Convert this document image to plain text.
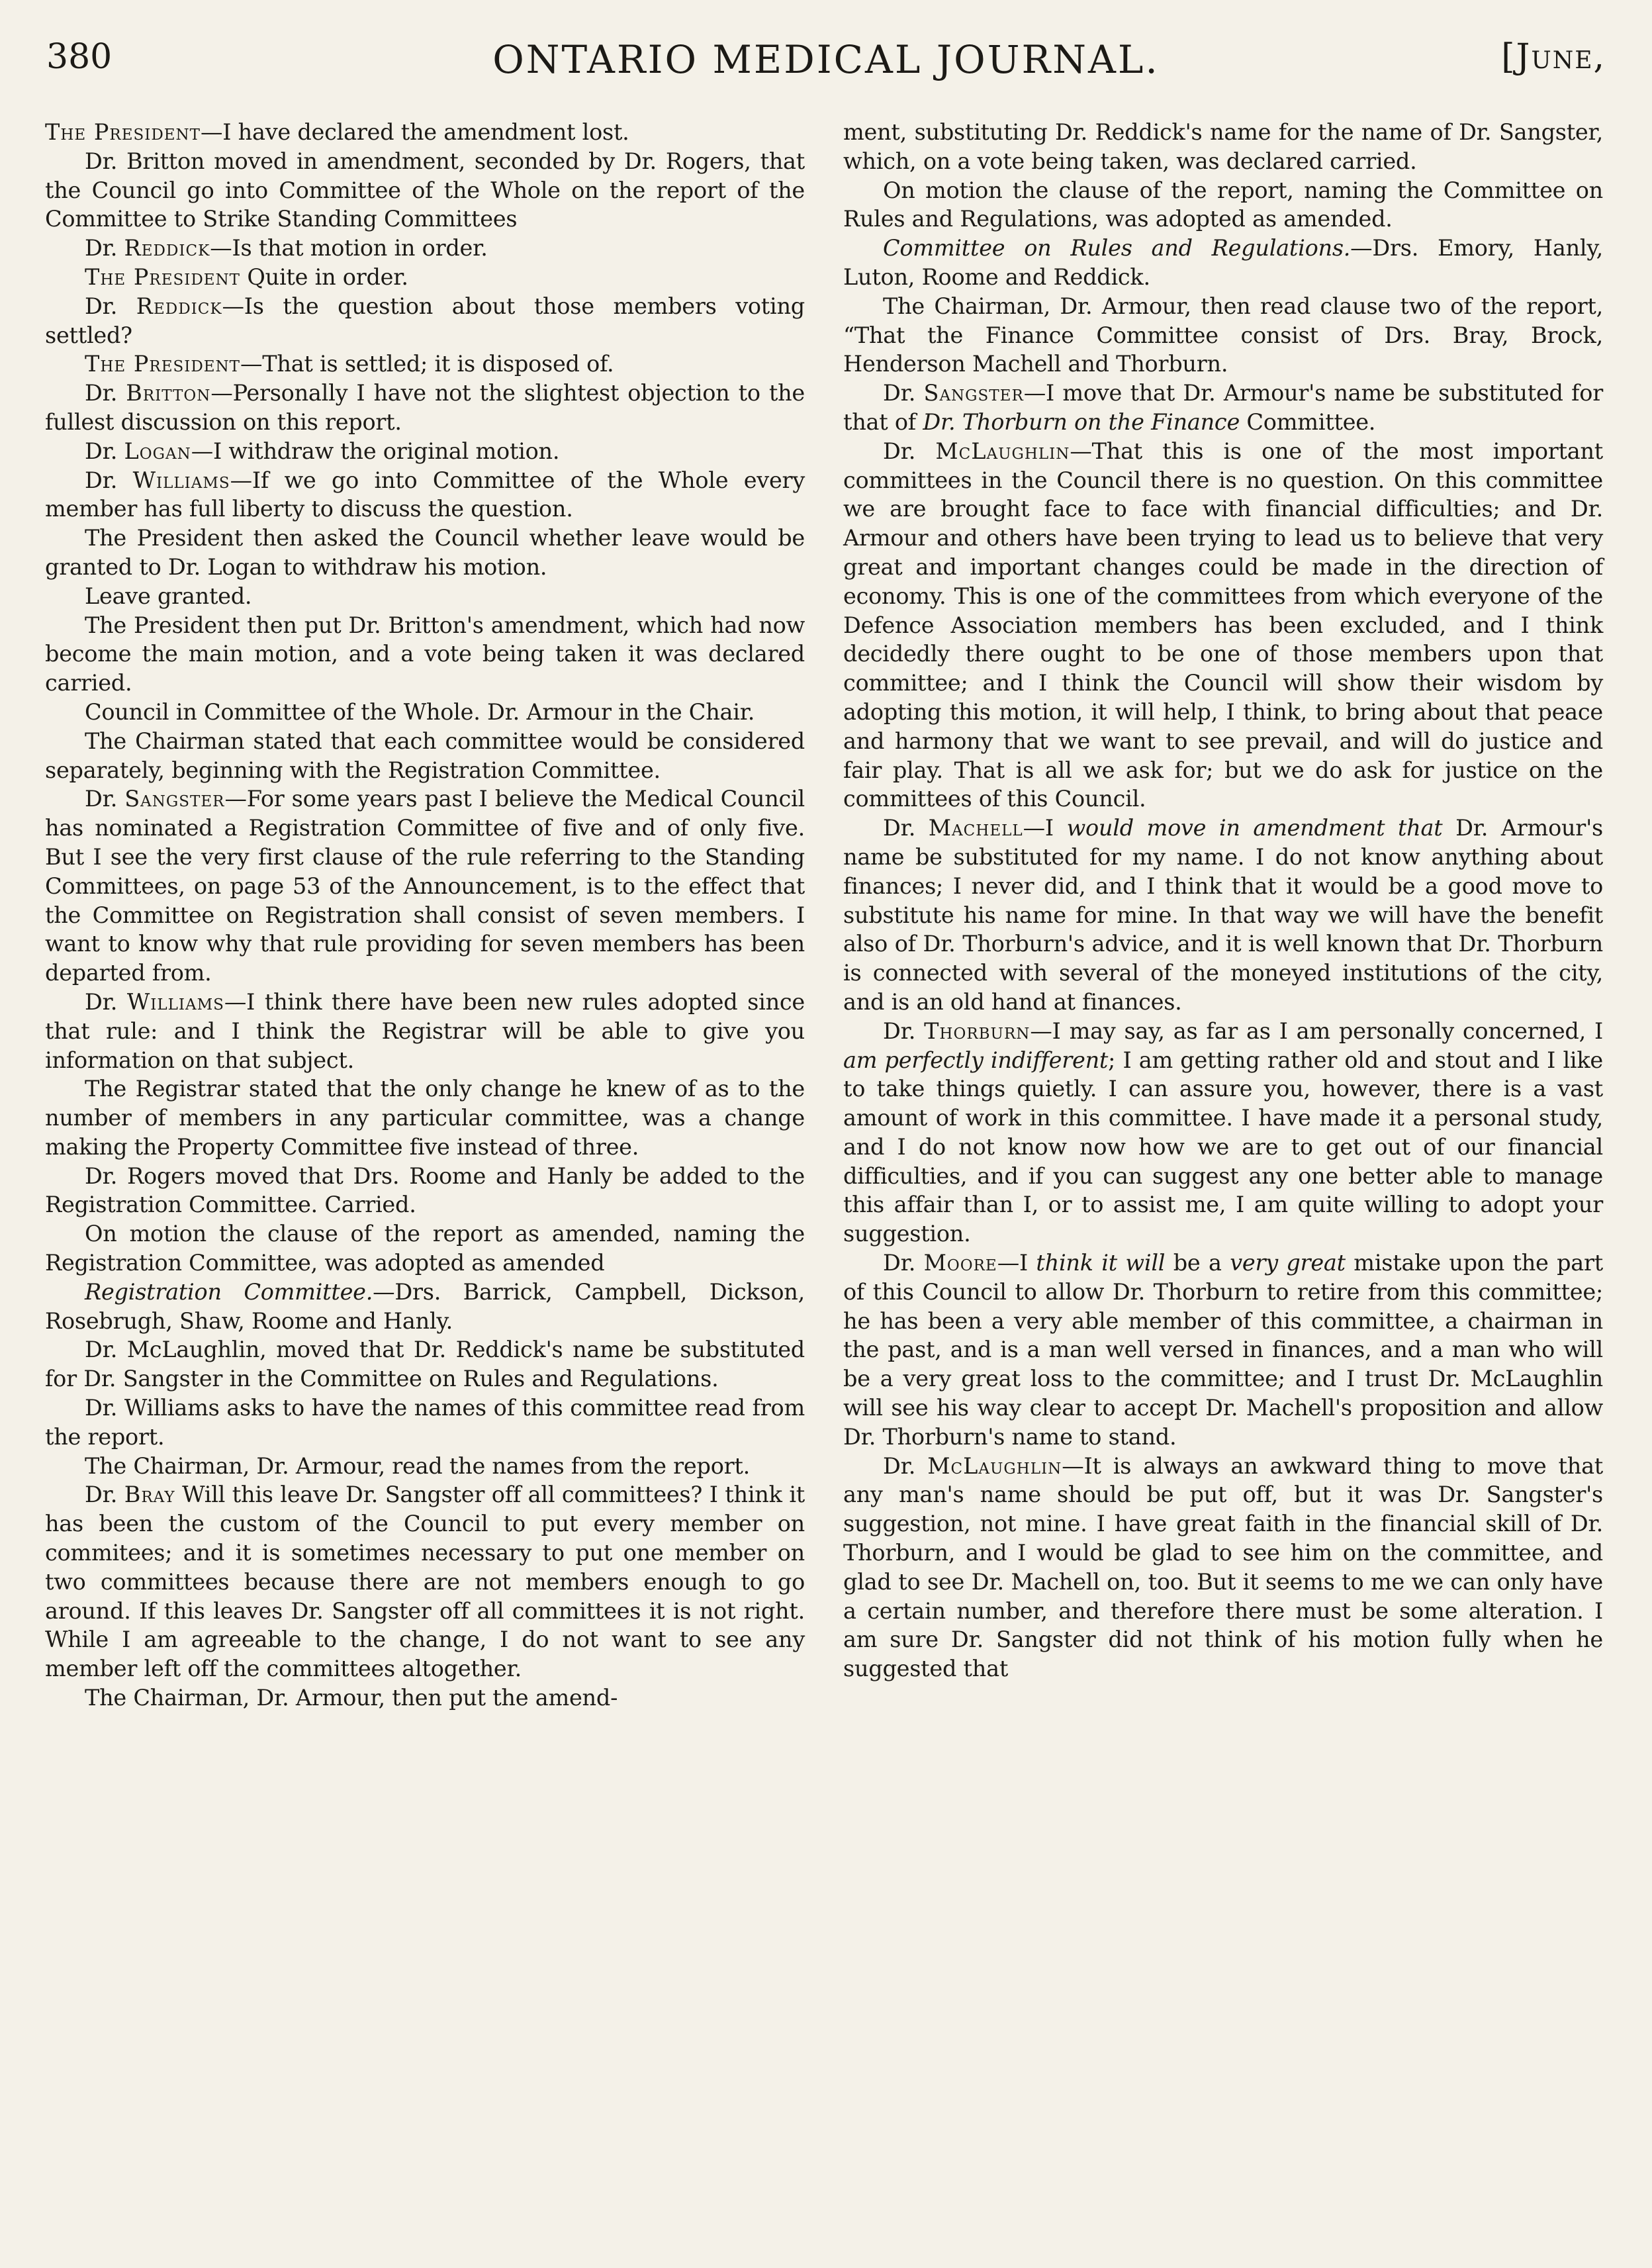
380	ONTARIO MEDICAL JOURNAL.	[June,

The President—I have declared the amendment lost.

Dr. Britton moved in amendment, seconded by Dr. Rogers, that the Council go into Committee of the Whole on the report of the Committee to Strike Standing Committees

Dr. Reddick—Is that motion in order.

The President Quite in order.

Dr. Reddick—Is the question about those members voting settled?

The President—That is settled; it is disposed of.

Dr. Britton—Personally I have not the slightest objection to the fullest discussion on this report.

Dr. Logan—I withdraw the original motion.

Dr. Williams—If we go into Committee of the Whole every member has full liberty to discuss the question.

The President then asked the Council whether leave would be granted to Dr. Logan to withdraw his motion.

Leave granted.

The President then put Dr. Britton's amendment, which had now become the main motion, and a vote being taken it was declared carried.

Council in Committee of the Whole. Dr. Armour in the Chair.

The Chairman stated that each committee would be considered separately, beginning with the Registration Committee.

Dr. Sangster—For some years past I believe the Medical Council has nominated a Registration Committee of five and of only five. But I see the very first clause of the rule referring to the Standing Committees, on page 53 of the Announcement, is to the effect that the Committee on Registration shall consist of seven members. I want to know why that rule providing for seven members has been departed from.

Dr. Williams—I think there have been new rules adopted since that rule: and I think the Registrar will be able to give you information on that subject.

The Registrar stated that the only change he knew of as to the number of members in any particular committee, was a change making the Property Committee five instead of three.

Dr. Rogers moved that Drs. Roome and Hanly be added to the Registration Committee. Carried.

On motion the clause of the report as amended, naming the Registration Committee, was adopted as amended

Registration Committee.—Drs. Barrick, Campbell, Dickson, Rosebrugh, Shaw, Roome and Hanly.

Dr. McLaughlin, moved that Dr. Reddick's name be substituted for Dr. Sangster in the Committee on Rules and Regulations.

Dr. Williams asks to have the names of this committee read from the report.

The Chairman, Dr. Armour, read the names from the report.

Dr. Bray Will this leave Dr. Sangster off all committees? I think it has been the custom of the Council to put every member on commitees; and it is sometimes necessary to put one member on two committees because there are not members enough to go around. If this leaves Dr. Sangster off all committees it is not right. While I am agreeable to the change, I do not want to see any member left off the committees altogether.

The Chairman, Dr. Armour, then put the amend-

ment, substituting Dr. Reddick's name for the name of Dr. Sangster, which, on a vote being taken, was declared carried.

On motion the clause of the report, naming the Committee on Rules and Regulations, was adopted as amended.

Committee on Rules and Regulations.—Drs. Emory, Hanly, Luton, Roome and Reddick.

The Chairman, Dr. Armour, then read clause two of the report, “That the Finance Committee consist of Drs. Bray, Brock, Henderson Machell and Thorburn.

Dr. Sangster—I move that Dr. Armour's name be substituted for that of Dr. Thorburn on the Finance Committee.

Dr. McLaughlin—That this is one of the most important committees in the Council there is no question. On this committee we are brought face to face with financial difficulties; and Dr. Armour and others have been trying to lead us to believe that very great and important changes could be made in the direction of economy. This is one of the committees from which everyone of the Defence Association members has been excluded, and I think decidedly there ought to be one of those members upon that committee; and I think the Council will show their wisdom by adopting this motion, it will help, I think, to bring about that peace and harmony that we want to see prevail, and will do justice and fair play. That is all we ask for; but we do ask for justice on the committees of this Council.

Dr. Machell—I would move in amendment that Dr. Armour's name be substituted for my name. I do not know anything about finances; I never did, and I think that it would be a good move to substitute his name for mine. In that way we will have the benefit also of Dr. Thorburn's advice, and it is well known that Dr. Thorburn is connected with several of the moneyed institutions of the city, and is an old hand at finances.

Dr. Thorburn—I may say, as far as I am personally concerned, I am perfectly indifferent; I am getting rather old and stout and I like to take things quietly. I can assure you, however, there is a vast amount of work in this committee. I have made it a personal study, and I do not know now how we are to get out of our financial difficulties, and if you can suggest any one better able to manage this affair than I, or to assist me, I am quite willing to adopt your suggestion.

Dr. Moore—I think it will be a very great mistake upon the part of this Council to allow Dr. Thorburn to retire from this committee; he has been a very able member of this committee, a chairman in the past, and is a man well versed in finances, and a man who will be a very great loss to the committee; and I trust Dr. McLaughlin will see his way clear to accept Dr. Machell's proposition and allow Dr. Thorburn's name to stand.

Dr. McLaughlin—It is always an awkward thing to move that any man's name should be put off, but it was Dr. Sangster's suggestion, not mine. I have great faith in the financial skill of Dr. Thorburn, and I would be glad to see him on the committee, and glad to see Dr. Machell on, too. But it seems to me we can only have a certain number, and therefore there must be some alteration. I am sure Dr. Sangster did not think of his motion fully when he suggested that
